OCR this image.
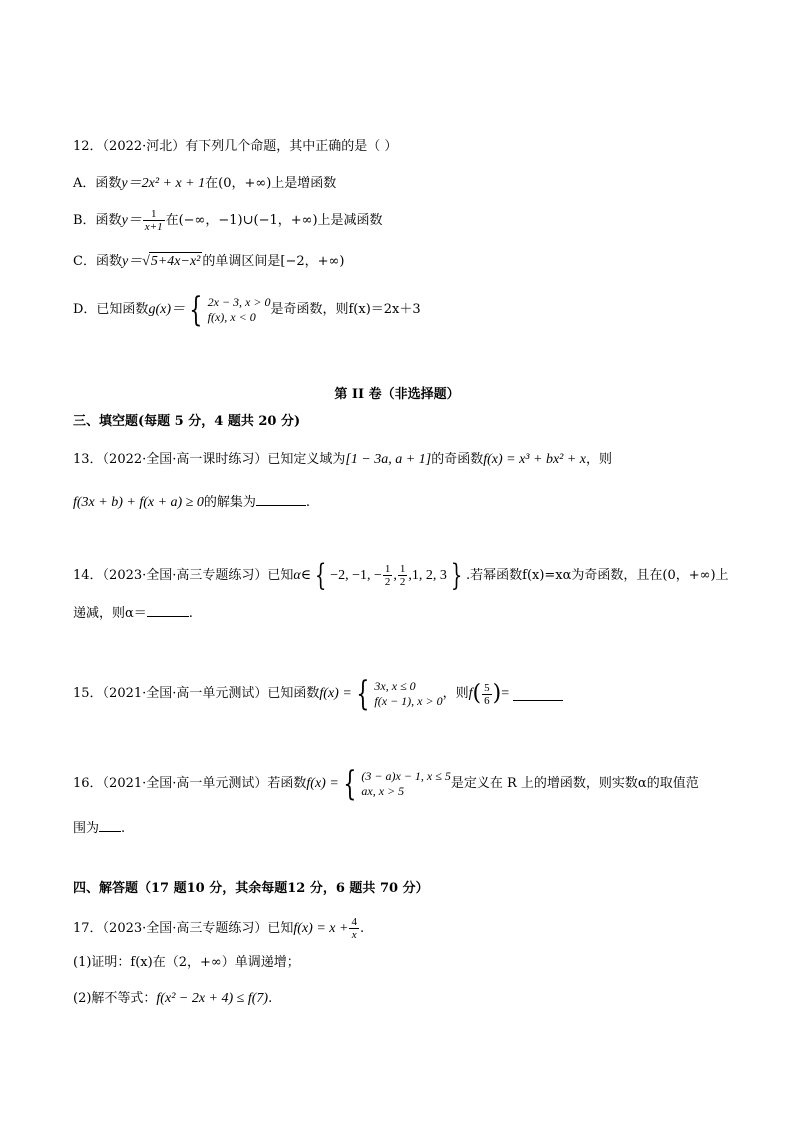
12．（2022·河北）有下列几个命题，其中正确的是（ ）
A．函数y＝2x² + x + 1在(0，+∞)上是增函数
B．函数$y= \frac{1}{x+1}$ 在(−∞，−1)∪(−1，+∞)上是减函数
C．函数y＝√5+4x−x² 的单调区间是[−2，+∞)
D．已知函数 g(x)＝ { 2x − 3, x > 0
f(x), x < 0	是奇函数，则f(x)＝2x＋3
第 II 卷（非选择题）
三、填空题(每题 5 分，4 题共 20 分)
13．（2022·全国·高一课时练习）已知定义域为[1 − 3a, a + 1]的奇函数f(x) = x³ + bx² + x，则
f(3x + b) + f(x + a) ≥ 0的解集为	.
14．（2023·全国·高三专题练习）已知 α∈ { −2, −1, − $\frac{1}{2}$ , $\frac{1}{2} ,1$, 2, 3 } .若幂函数f(x)=xα为奇函数，且在(0，+∞)上
递减，则α＝	.
15．（2021·全国·高一单元测试）已知函数 f(x) = { 3x, x ≤ 0
f(x − 1), x > 0 ，则 f ( $\frac{5}{6}$ ) =

16．（2021·全国·高一单元测试）若函数 f(x) = { (3 − a)x − 1, x ≤ 5
ax, x > 5	是定义在 R 上的增函数，则实数α的取值范
围为 .
四、解答题（17 题10 分，其余每题12 分，6 题共 70 分）
17．（2023·全国·高三专题练习）已知$f(x) = x + \frac{4}{x}$ .
(1)证明：f(x)在（2，+∞）单调递增；
(2)解不等式：f(x² − 2x + 4) ≤ f(7).
